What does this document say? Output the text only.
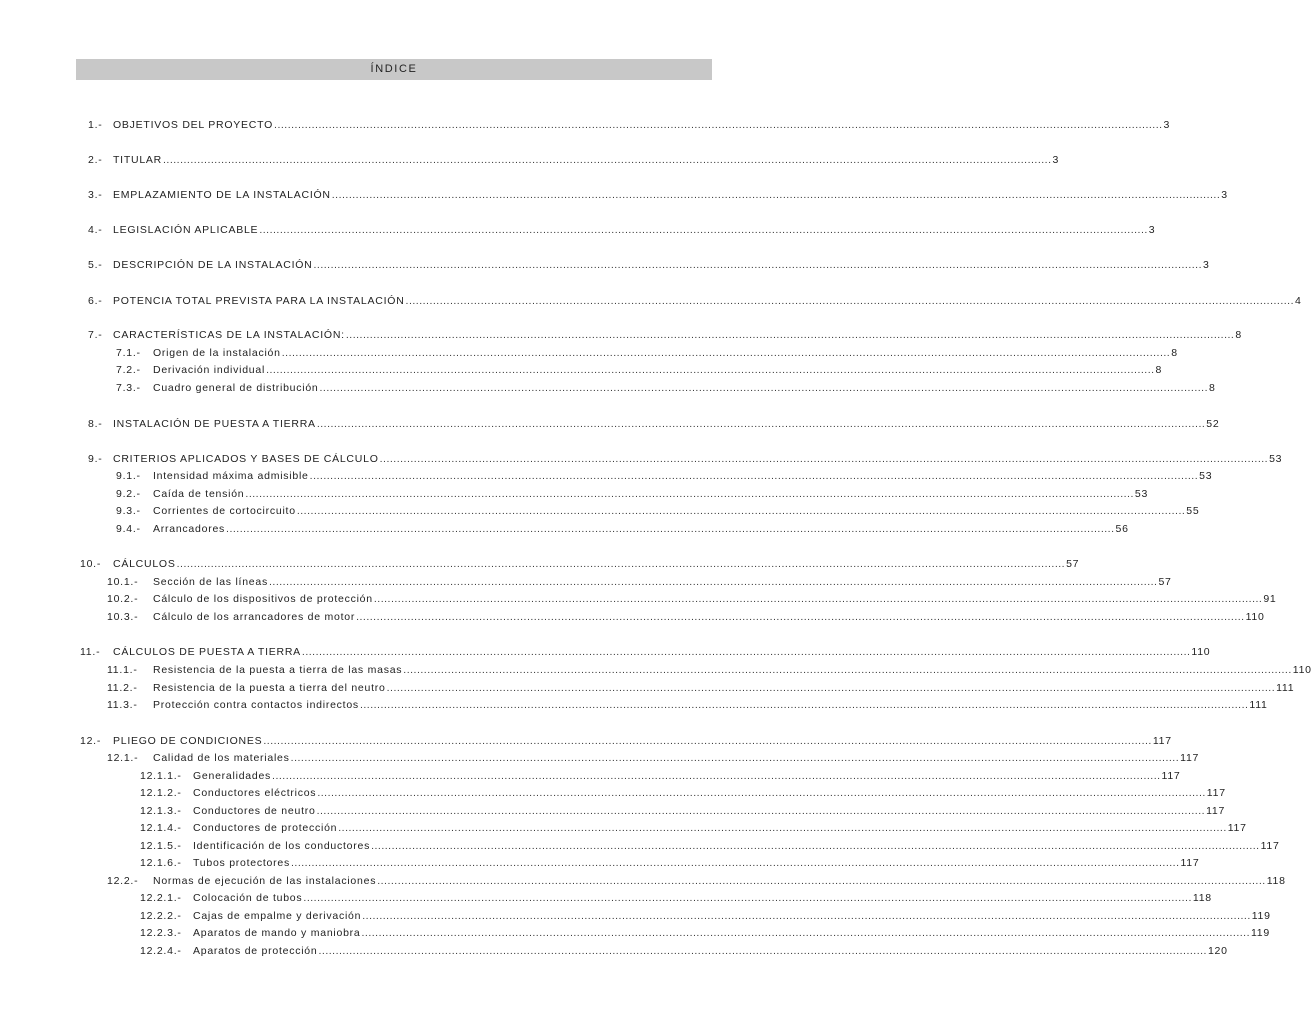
ÍNDICE
1.- OBJETIVOS DEL PROYECTO .................................................................................................................................................................................................................................................................... 3
2.- TITULAR .................................................................................................................................................................................................................................................................... 3
3.- EMPLAZAMIENTO DE LA INSTALACIÓN .................................................................................................................................................................................................................................................................... 3
4.- LEGISLACIÓN APLICABLE .................................................................................................................................................................................................................................................................... 3
5.- DESCRIPCIÓN DE LA INSTALACIÓN .................................................................................................................................................................................................................................................................... 3
6.- POTENCIA TOTAL PREVISTA PARA LA INSTALACIÓN .................................................................................................................................................................................................................................................................... 4
7.- CARACTERÍSTICAS DE LA INSTALACIÓN: .................................................................................................................................................................................................................................................................... 8
7.1.-	Origen de la instalación .................................................................................................................................................................................................................................................................... 8
7.2.-	Derivación individual .................................................................................................................................................................................................................................................................... 8
7.3.-	Cuadro general de distribución .................................................................................................................................................................................................................................................................... 8
8.- INSTALACIÓN DE PUESTA A TIERRA .................................................................................................................................................................................................................................................................... 52
9.- CRITERIOS APLICADOS Y BASES DE CÁLCULO .................................................................................................................................................................................................................................................................... 53
9.1.-	Intensidad máxima admisible .................................................................................................................................................................................................................................................................... 53
9.2.-	Caída de tensión .................................................................................................................................................................................................................................................................... 53
9.3.-	Corrientes de cortocircuito .................................................................................................................................................................................................................................................................... 55
9.4.-	Arrancadores .................................................................................................................................................................................................................................................................... 56
10.-	CÁLCULOS .................................................................................................................................................................................................................................................................... 57
10.1.-	Sección de las líneas .................................................................................................................................................................................................................................................................... 57
10.2.-	Cálculo de los dispositivos de protección .................................................................................................................................................................................................................................................................... 91
10.3.-	Cálculo de los arrancadores de motor .................................................................................................................................................................................................................................................................... 110
11.-	CÁLCULOS DE PUESTA A TIERRA .................................................................................................................................................................................................................................................................... 110
11.1.-	Resistencia de la puesta a tierra de las masas .................................................................................................................................................................................................................................................................... 110
11.2.-	Resistencia de la puesta a tierra del neutro .................................................................................................................................................................................................................................................................... 111
11.3.-	Protección contra contactos indirectos .................................................................................................................................................................................................................................................................... 111
12.-	PLIEGO DE CONDICIONES .................................................................................................................................................................................................................................................................... 117
12.1.-	Calidad de los materiales .................................................................................................................................................................................................................................................................... 117
12.1.1.-	Generalidades .................................................................................................................................................................................................................................................................... 117
12.1.2.-	Conductores eléctricos .................................................................................................................................................................................................................................................................... 117
12.1.3.-	Conductores de neutro .................................................................................................................................................................................................................................................................... 117
12.1.4.-	Conductores de protección .................................................................................................................................................................................................................................................................... 117
12.1.5.-	Identificación de los conductores .................................................................................................................................................................................................................................................................... 117
12.1.6.-	Tubos protectores .................................................................................................................................................................................................................................................................... 117
12.2.-	Normas de ejecución de las instalaciones .................................................................................................................................................................................................................................................................... 118
12.2.1.-	Colocación de tubos .................................................................................................................................................................................................................................................................... 118
12.2.2.-	Cajas de empalme y derivación .................................................................................................................................................................................................................................................................... 119
12.2.3.-	Aparatos de mando y maniobra .................................................................................................................................................................................................................................................................... 119
12.2.4.-	Aparatos de protección .................................................................................................................................................................................................................................................................... 120
